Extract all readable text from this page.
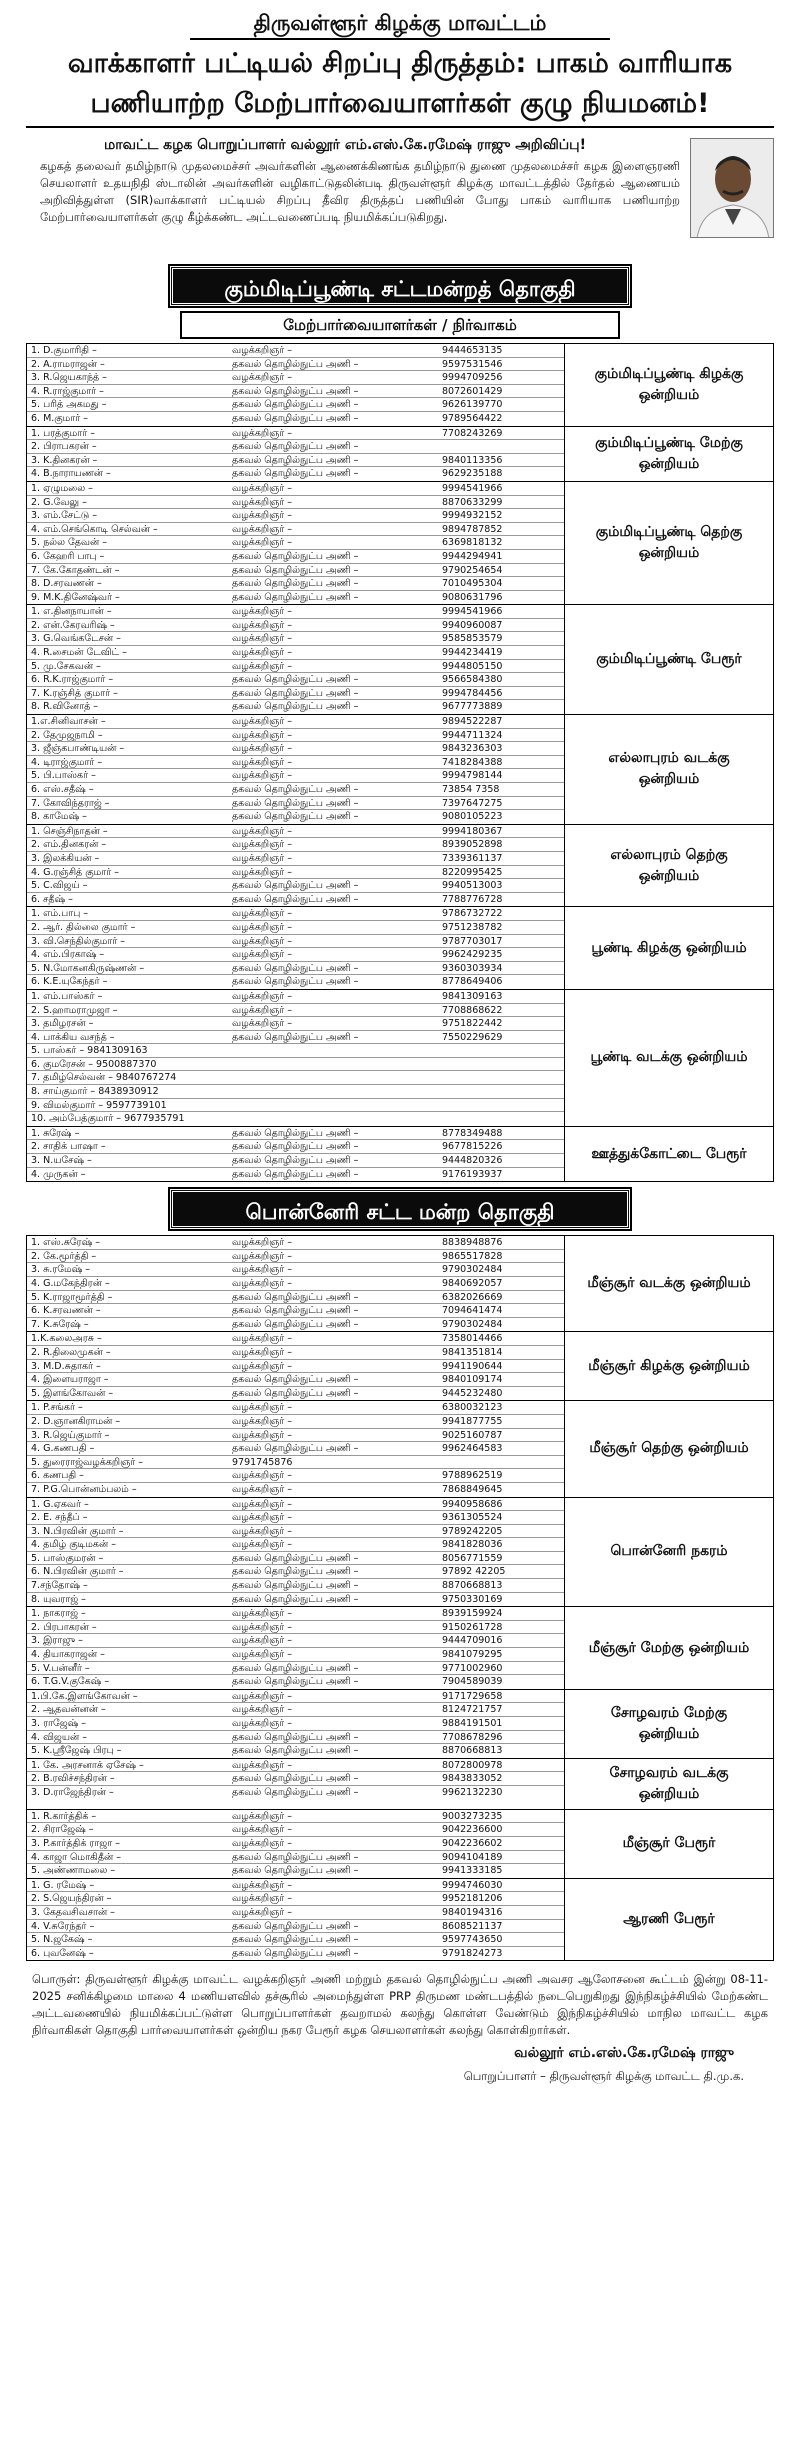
திருவள்ளூர் கிழக்கு மாவட்டம்
வாக்காளர் பட்டியல் சிறப்பு திருத்தம்: பாகம் வாரியாக
பணியாற்ற மேற்பார்வையாளர்கள் குழு நியமனம்!
மாவட்ட கழக பொறுப்பாளர் வல்லூர் எம்.எஸ்.கே.ரமேஷ் ராஜு அறிவிப்பு!

கழகத் தலைவர் தமிழ்நாடு முதலமைச்சர் அவர்களின் ஆணைக்கிணங்க தமிழ்நாடு துணை முதலமைச்சர் கழக இளைஞரணி செயலாளர் உதயநிதி ஸ்டாலின் அவர்களின் வழிகாட்டுதலின்படி திருவள்ளூர் கிழக்கு மாவட்டத்தில் தேர்தல் ஆணையம் அறிவித்துள்ள (SIR)வாக்காளர் பட்டியல் சிறப்பு தீவிர திருத்தப் பணியின் போது பாகம் வாரியாக பணியாற்ற மேற்பார்வையாளர்கள் குழு கீழ்க்கண்ட அட்டவணைப்படி நியமிக்கப்படுகிறது.

கும்மிடிப்பூண்டி சட்டமன்றத் தொகுதி
மேற்பார்வையாளர்கள் / நிர்வாகம்
1. D.குமாரிதி –	வழக்கறிஞர் –	9444653135
2. A.ராமராஜன் –	தகவல் தொழில்நுட்ப அணி –	9597531546
3. R.ஜெயகாந்த் –	வழக்கறிஞர் –	9994709256
4. R.ராஜ்குமார் –	தகவல் தொழில்நுட்ப அணி –	8072601429
5. பரித் அகமது –	தகவல் தொழில்நுட்ப அணி –	9626139770
6. M.குமார் –	தகவல் தொழில்நுட்ப அணி –	9789564422
கும்மிடிப்பூண்டி கிழக்கு ஒன்றியம்
1. பரத்குமார் –	வழக்கறிஞர் –	7708243269
2. பிராபகரன் –	தகவல் தொழில்நுட்ப அணி –
3. K.தினகரன் –	தகவல் தொழில்நுட்ப அணி –	9840113356
4. B.நாராயணன் –	தகவல் தொழில்நுட்ப அணி –	9629235188
கும்மிடிப்பூண்டி மேற்கு ஒன்றியம்
1. ஏழுமலை –	வழக்கறிஞர் –	9994541966
2. G.வேலு –	வழக்கறிஞர் –	8870633299
3. எம்.சேட்டு –	வழக்கறிஞர் –	9994932152
4. எம்.செங்கொடி செல்வன் –	வழக்கறிஞர் –	9894787852
5. நல்ல தேவன் –	வழக்கறிஞர் –	6369818132
6. கேஹரி பாபு –	தகவல் தொழில்நுட்ப அணி –	9944294941
7. கே.கோதண்டன் –	தகவல் தொழில்நுட்ப அணி –	9790254654
8. D.சரவணன் –	தகவல் தொழில்நுட்ப அணி –	7010495304
9. M.K.தினேஷ்வர் –	தகவல் தொழில்நுட்ப அணி –	9080631796
கும்மிடிப்பூண்டி தெற்கு ஒன்றியம்
1. எ.தினநாயான் –	வழக்கறிஞர் –	9994541966
2. என்.கேரவரிஷ் –	வழக்கறிஞர் –	9940960087
3. G.வெங்கடேசன் –	வழக்கறிஞர் –	9585853579
4. R.சைமன் டேவிட் –	வழக்கறிஞர் –	9944234419
5. மு.சேகவன் –	வழக்கறிஞர் –	9944805150
6. R.K.ராஜ்குமார் –	தகவல் தொழில்நுட்ப அணி –	9566584380
7. K.ரஞ்சித் குமார் –	தகவல் தொழில்நுட்ப அணி –	9994784456
8. R.வினோத் –	தகவல் தொழில்நுட்ப அணி –	9677773889
கும்மிடிப்பூண்டி பேரூர்
1.எ.சினிவாசன் –	வழக்கறிஞர் –	9894522287
2. தேமுஜநாமி –	வழக்கறிஞர் –	9944711324
3. ஜீஞ்கபாண்டியன் –	வழக்கறிஞர் –	9843236303
4. டிராஜ்குமார் –	வழக்கறிஞர் –	7418284388
5. பி.பாஸ்கர் –	வழக்கறிஞர் –	9994798144
6. எஸ்.சதீஷ் –	தகவல் தொழில்நுட்ப அணி –	73854 7358
7. கோவிந்தராஜ் –	தகவல் தொழில்நுட்ப அணி –	7397647275
8. காமேஷ் –	தகவல் தொழில்நுட்ப அணி –	9080105223
எல்லாபுரம் வடக்கு ஒன்றியம்
1. செஞ்சிநாதன் –	வழக்கறிஞர் –	9994180367
2. எம்.தினகரன் –	வழக்கறிஞர் –	8939052898
3. இலக்கியன் –	வழக்கறிஞர் –	7339361137
4. G.ரஞ்சித் குமார் –	வழக்கறிஞர் –	8220995425
5. C.விஜய் –	தகவல் தொழில்நுட்ப அணி –	9940513003
6. சதீஷ் –	தகவல் தொழில்நுட்ப அணி –	7788776728
எல்லாபுரம் தெற்கு ஒன்றியம்
1. எம்.பாபு –	வழக்கறிஞர் –	9786732722
2. ஆர். தில்லை குமார் –	வழக்கறிஞர் –	9751238782
3. வி.செந்தில்குமார் –	வழக்கறிஞர் –	9787703017
4. எம்.பிரகாஷ் –	வழக்கறிஞர் –	9962429235
5. N.மோகனகிருஷ்ணன் –	தகவல் தொழில்நுட்ப அணி –	9360303934
6. K.E.யுகேந்தர் –	தகவல் தொழில்நுட்ப அணி –	8778649406
பூண்டி கிழக்கு ஒன்றியம்
1. எம்.பாஸ்கர் –	வழக்கறிஞர் –	9841309163
2. S.ஹாமராமுஜா –	வழக்கறிஞர் –	7708868622
3. தமிழரசன் –	வழக்கறிஞர் –	9751822442
4. பாக்கிய வசந்த் –	தகவல் தொழில்நுட்ப அணி –	7550229629
5. பாஸ்கர் – 9841309163
6. குமரேசன் – 9500887370
7. தமிழ்செல்வன் – 9840767274
8. சாய்குமார் – 8438930912
9. விமல்குமார் – 9597739101
10. அம்பேத்குமார் – 9677935791
பூண்டி வடக்கு ஒன்றியம்
1. சுரேஷ் –	தகவல் தொழில்நுட்ப அணி –	8778349488
2. சாதிக் பாஷா –	தகவல் தொழில்நுட்ப அணி –	9677815226
3. N.யசேஷ் –	தகவல் தொழில்நுட்ப அணி –	9444820326
4. முருகன் –	தகவல் தொழில்நுட்ப அணி –	9176193937
ஊத்துக்கோட்டை பேரூர்
பொன்னேரி சட்ட மன்ற தொகுதி
1. எஸ்.சுரேஷ் –	வழக்கறிஞர் –	8838948876
2. கே.மூர்த்தி –	வழக்கறிஞர் –	9865517828
3. சு.ரமேஷ் –	வழக்கறிஞர் –	9790302484
4. G.மகேந்திரன் –	வழக்கறிஞர் –	9840692057
5. K.ராஜாமூர்த்தி –	தகவல் தொழில்நுட்ப அணி –	6382026669
6. K.சரவணன் –	தகவல் தொழில்நுட்ப அணி –	7094641474
7. K.சுரேஷ் –	தகவல் தொழில்நுட்ப அணி –	9790302484
மீஞ்சூர் வடக்கு ஒன்றியம்
1.K.கலைஅரசு –	வழக்கறிஞர் –	7358014466
2. R.திலைமுகன் –	வழக்கறிஞர் –	9841351814
3. M.D.சுதாகர் –	வழக்கறிஞர் –	9941190644
4. இளையராஜா –	தகவல் தொழில்நுட்ப அணி –	9840109174
5. இளங்கோவன் –	தகவல் தொழில்நுட்ப அணி –	9445232480
மீஞ்சூர் கிழக்கு ஒன்றியம்
1. P.சங்கர் –	வழக்கறிஞர் –	6380032123
2. D.ஞானகிராமன் –	வழக்கறிஞர் –	9941877755
3. R.ஜெய்குமார் –	வழக்கறிஞர் –	9025160787
4. G.கணபதி –	தகவல் தொழில்நுட்ப அணி –	9962464583
5. துரைராஜ்வழக்கறிஞர் –	9791745876
6. கணபதி –	வழக்கறிஞர் –	9788962519
7. P.G.பொன்னம்பலம் –	வழக்கறிஞர் –	7868849645
மீஞ்சூர் தெற்கு ஒன்றியம்
1. G.ஏகவர் –	வழக்கறிஞர் –	9940958686
2. E. சந்தீப் –	வழக்கறிஞர் –	9361305524
3. N.பிரவின் குமார் –	வழக்கறிஞர் –	9789242205
4. தமிழ் குடிமகன் –	வழக்கறிஞர் –	9841828036
5. பாஸ்குமரன் –	தகவல் தொழில்நுட்ப அணி –	8056771559
6. N.பிரவின் குமார் –	தகவல் தொழில்நுட்ப அணி –	97892 42205
7.சந்தோஷ் –	தகவல் தொழில்நுட்ப அணி –	8870668813
8. யுவராஜ் –	தகவல் தொழில்நுட்ப அணி –	9750330169
பொன்னேரி நகரம்
1. நாகராஜ் –	வழக்கறிஞர் –	8939159924
2. பிரபாகரன் –	வழக்கறிஞர் –	9150261728
3. இராஜு –	வழக்கறிஞர் –	9444709016
4. தியாகராஜன் –	வழக்கறிஞர் –	9841079295
5. V.பன்னீர் –	தகவல் தொழில்நுட்ப அணி –	9771002960
6. T.G.V.குகேஷ் –	தகவல் தொழில்நுட்ப அணி –	7904589039
மீஞ்சூர் மேற்கு ஒன்றியம்
1.பி.கே.இளங்கோவன் –	வழக்கறிஞர் –	9171729658
2. ஆதவன்னன் –	வழக்கறிஞர் –	8124721757
3. ராஜேஷ் –	வழக்கறிஞர் –	9884191501
4. விஜயன் –	தகவல் தொழில்நுட்ப அணி –	7708678296
5. K.ஸ்ரீஜேஷ் பிரபு –	தகவல் தொழில்நுட்ப அணி –	8870668813
சோழவரம் மேற்கு ஒன்றியம்
1. கே. அரசனாக் ஏசேஷ் –	வழக்கறிஞர் –	8072800978
2. B.ரவிச்சந்திரன் –	தகவல் தொழில்நுட்ப அணி –	9843833052
3. D.ராஜேந்திரன் –	தகவல் தொழில்நுட்ப அணி –	9962132230
சோழவரம் வடக்கு ஒன்றியம்
1. R.கார்த்திக் –	வழக்கறிஞர் –	9003273235
2. சிராஜேஷ் –	வழக்கறிஞர் –	9042236600
3. P.கார்த்திக் ராஜா –	வழக்கறிஞர் –	9042236602
4. காஜா மொகிதீன் –	தகவல் தொழில்நுட்ப அணி –	9094104189
5. அண்ணாமலை –	தகவல் தொழில்நுட்ப அணி –	9941333185
மீஞ்சூர் பேரூர்
1. G. ரமேஷ் –	வழக்கறிஞர் –	9994746030
2. S.ஜெயந்திரன் –	வழக்கறிஞர் –	9952181206
3. கேதவசிவசான் –	வழக்கறிஞர் –	9840194316
4. V.சுரேந்தர் –	தகவல் தொழில்நுட்ப அணி –	8608521137
5. N.ஜகேஷ் –	தகவல் தொழில்நுட்ப அணி –	9597743650
6. புவனேஷ் –	தகவல் தொழில்நுட்ப அணி –	9791824273
ஆரணி பேரூர்
பொருள்: திருவள்ளூர் கிழக்கு மாவட்ட வழக்கறிஞர் அணி மற்றும் தகவல் தொழில்நுட்ப அணி அவசர ஆலோசனை கூட்டம் இன்று 08-11-2025 சனிக்கிழமை மாலை 4 மணியளவில் தச்சூரில் அமைந்துள்ள PRP திருமண மண்டபத்தில் நடைபெறுகிறது இந்நிகழ்ச்சியில் மேற்கண்ட அட்டவணையில் நியமிக்கப்பட்டுள்ள பொறுப்பாளர்கள் தவறாமல் கலந்து கொள்ள வேண்டும் இந்நிகழ்ச்சியில் மாநில மாவட்ட கழக நிர்வாகிகள் தொகுதி பார்வையாளர்கள் ஒன்றிய நகர பேரூர் கழக செயலாளர்கள் கலந்து கொள்கிறார்கள்.
வல்லூர் எம்.எஸ்.கே.ரமேஷ் ராஜு
பொறுப்பாளர் – திருவள்ளூர் கிழக்கு மாவட்ட தி.மு.க.
